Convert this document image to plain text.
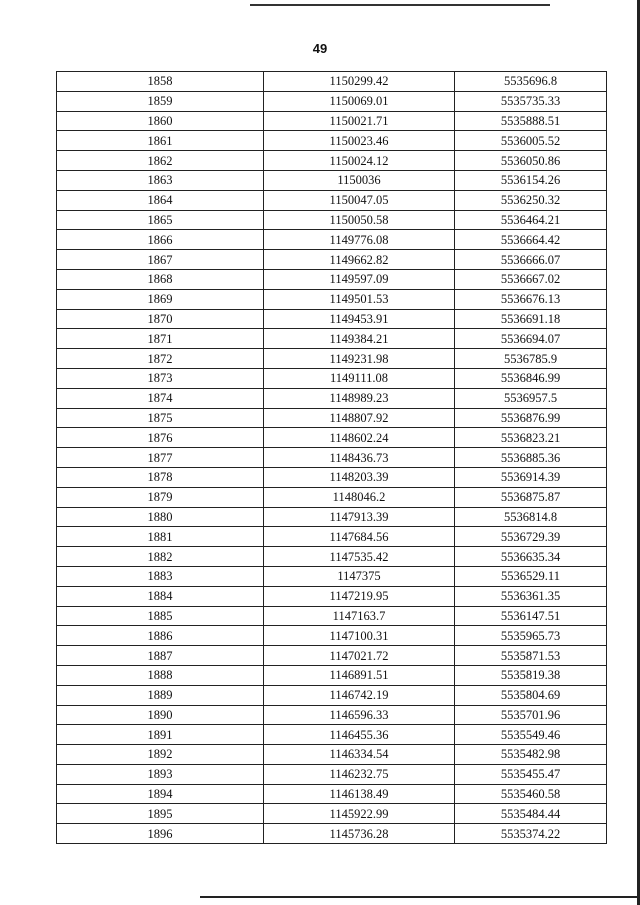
49
1858	1150299.42	5535696.8
1859	1150069.01	5535735.33
1860	1150021.71	5535888.51
1861	1150023.46	5536005.52
1862	1150024.12	5536050.86
1863	1150036	5536154.26
1864	1150047.05	5536250.32
1865	1150050.58	5536464.21
1866	1149776.08	5536664.42
1867	1149662.82	5536666.07
1868	1149597.09	5536667.02
1869	1149501.53	5536676.13
1870	1149453.91	5536691.18
1871	1149384.21	5536694.07
1872	1149231.98	5536785.9
1873	1149111.08	5536846.99
1874	1148989.23	5536957.5
1875	1148807.92	5536876.99
1876	1148602.24	5536823.21
1877	1148436.73	5536885.36
1878	1148203.39	5536914.39
1879	1148046.2	5536875.87
1880	1147913.39	5536814.8
1881	1147684.56	5536729.39
1882	1147535.42	5536635.34
1883	1147375	5536529.11
1884	1147219.95	5536361.35
1885	1147163.7	5536147.51
1886	1147100.31	5535965.73
1887	1147021.72	5535871.53
1888	1146891.51	5535819.38
1889	1146742.19	5535804.69
1890	1146596.33	5535701.96
1891	1146455.36	5535549.46
1892	1146334.54	5535482.98
1893	1146232.75	5535455.47
1894	1146138.49	5535460.58
1895	1145922.99	5535484.44
1896	1145736.28	5535374.22
